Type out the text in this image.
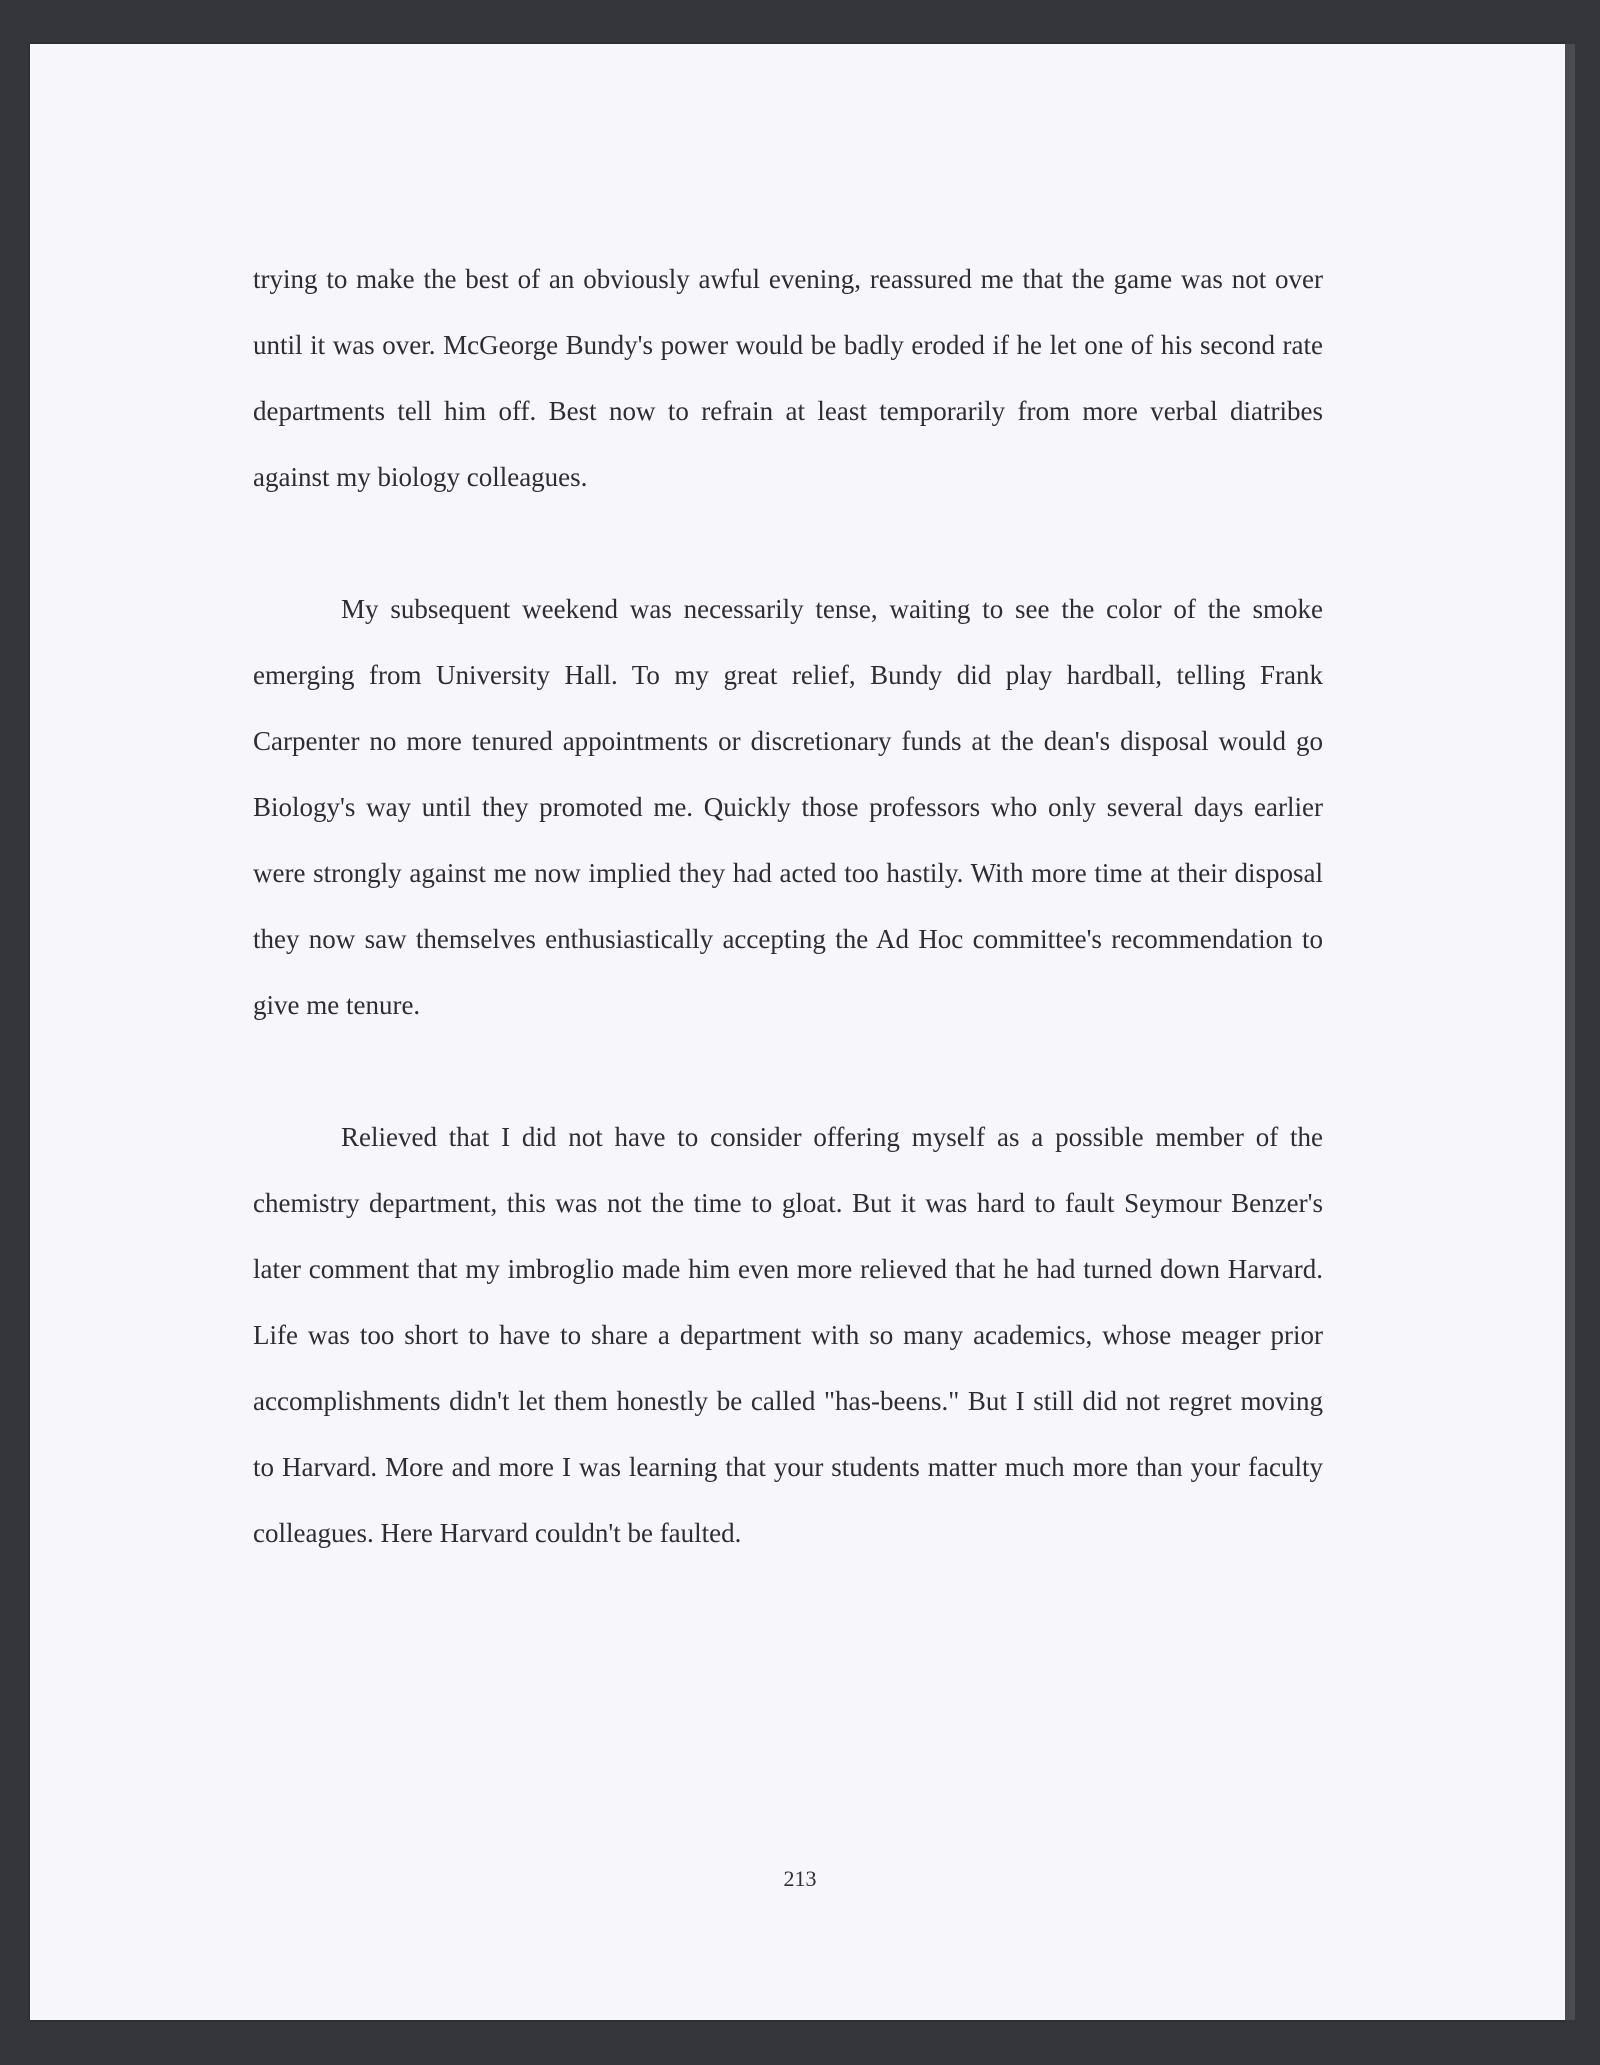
trying to make the best of an obviously awful evening, reassured me that the game was not over until it was over. McGeorge Bundy's power would be badly eroded if he let one of his second rate departments tell him off. Best now to refrain at least temporarily from more verbal diatribes against my biology colleagues.

My subsequent weekend was necessarily tense, waiting to see the color of the smoke emerging from University Hall. To my great relief, Bundy did play hardball, telling Frank Carpenter no more tenured appointments or discretionary funds at the dean's disposal would go Biology's way until they promoted me. Quickly those professors who only several days earlier were strongly against me now implied they had acted too hastily. With more time at their disposal they now saw themselves enthusiastically accepting the Ad Hoc committee's recommendation to give me tenure.

Relieved that I did not have to consider offering myself as a possible member of the chemistry department, this was not the time to gloat. But it was hard to fault Seymour Benzer's later comment that my imbroglio made him even more relieved that he had turned down Harvard. Life was too short to have to share a department with so many academics, whose meager prior accomplishments didn't let them honestly be called "has-beens." But I still did not regret moving to Harvard. More and more I was learning that your students matter much more than your faculty colleagues. Here Harvard couldn't be faulted.

213
